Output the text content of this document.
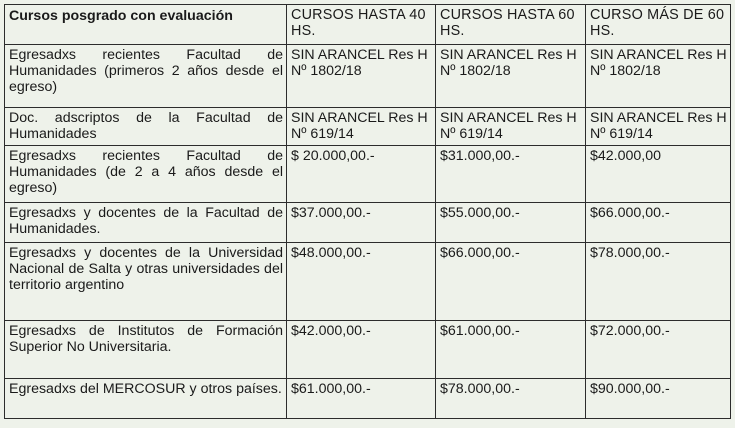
Cursos posgrado con evaluación	CURSOS HASTA 40 HS.	CURSOS HASTA 60 HS.	CURSO MÁS DE 60 HS.
Egresadxs recientes Facultad de Humanidades (primeros 2 años desde el egreso)	SIN ARANCEL Res H Nº 1802/18	SIN ARANCEL Res H Nº 1802/18	SIN ARANCEL Res H Nº 1802/18
Doc. adscriptos de la Facultad de Humanidades	SIN ARANCEL Res H Nº 619/14	SIN ARANCEL Res H Nº 619/14	SIN ARANCEL Res H Nº 619/14
Egresadxs recientes Facultad de Humanidades (de 2 a 4 años desde el egreso)	$ 20.000,00.-	$31.000,00.-	$42.000,00
Egresadxs y docentes de la Facultad de Humanidades.	$37.000,00.-	$55.000,00.-	$66.000,00.-
Egresadxs y docentes de la Universidad Nacional de Salta y otras universidades del territorio argentino	$48.000,00.-	$66.000,00.-	$78.000,00.-
Egresadxs de Institutos de Formación Superior No Universitaria.	$42.000,00.-	$61.000,00.-	$72.000,00.-
Egresadxs del MERCOSUR y otros países.	$61.000,00.-	$78.000,00.-	$90.000,00.-
